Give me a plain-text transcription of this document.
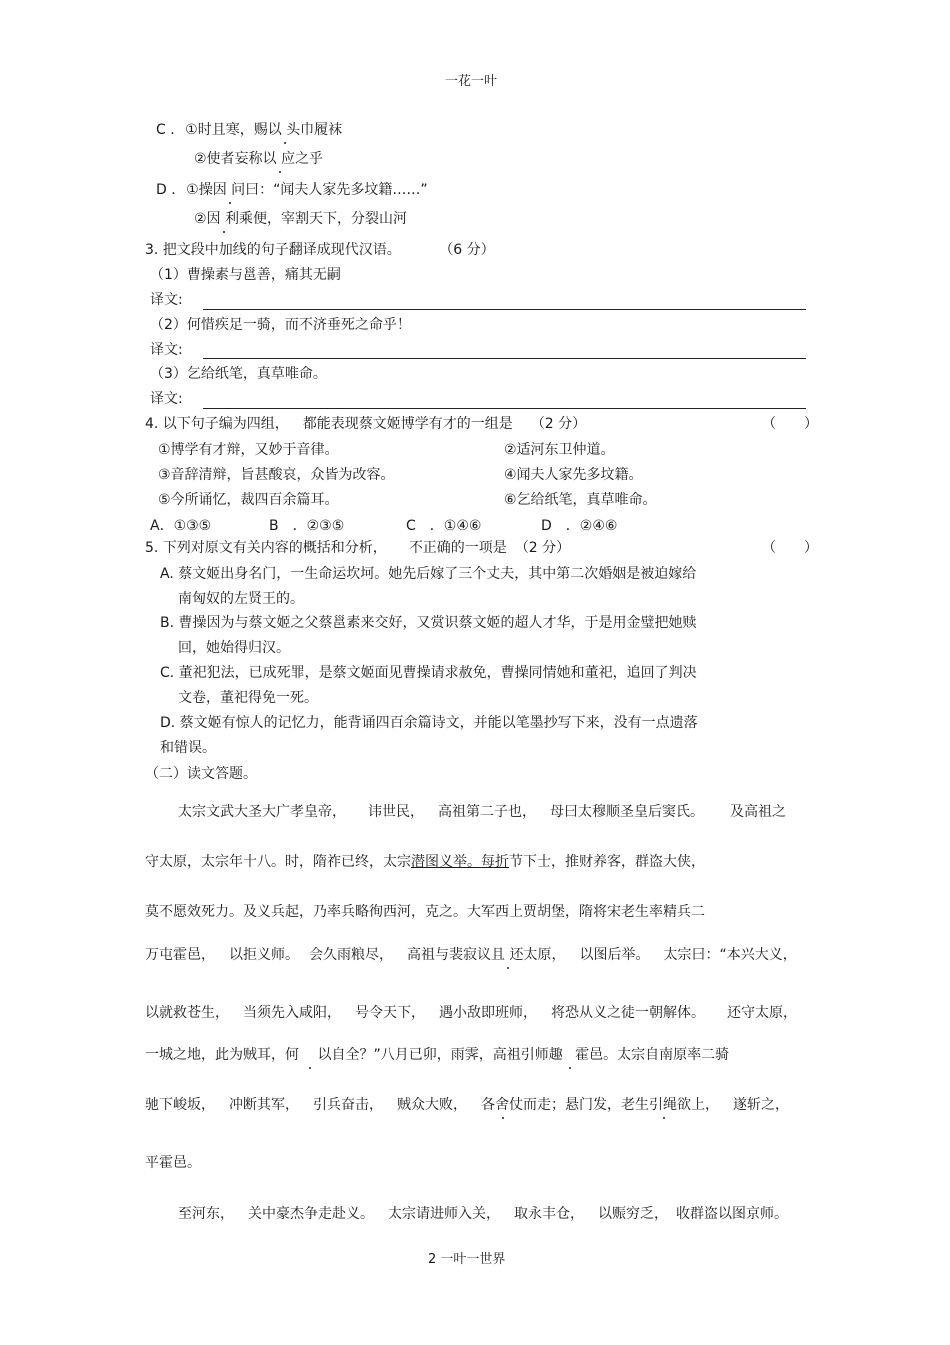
一花一叶
C . ①时且寒，赐以 头巾履袜
②使者妄称以 应之乎
D . ①操因 问曰：“闻夫人家先多坟籍……”
②因 利乘便，宰割天下，分裂山河
3. 把文段中加线的句子翻译成现代汉语。	（6 分）
（1）曹操素与邕善，痛其无嗣
译文:
（2）何惜疾足一骑，而不济垂死之命乎！
译文:
（3）乞给纸笔，真草唯命。
译文:
4. 以下句子编为四组， 都能表现蔡文姬博学有才的一组是 （2 分）	（　　）
①博学有才辩，又妙于音律。	②适河东卫仲道。
③音辞清辩，旨甚酸哀，众皆为改容。	④闻夫人家先多坟籍。
⑤今所诵忆，裁四百余篇耳。	⑥乞给纸笔，真草唯命。
A．①③⑤	B　．②③⑤	C　．①④⑥	D　．②④⑥
5. 下列对原文有关内容的概括和分析， 不正确的一项是 （2 分）	（　　）
A. 蔡文姬出身名门，一生命运坎坷。她先后嫁了三个丈夫，其中第二次婚姻是被迫嫁给
南匈奴的左贤王的。
B. 曹操因为与蔡文姬之父蔡邕素来交好，又赏识蔡文姬的超人才华，于是用金璧把她赎
回，她始得归汉。
C. 董祀犯法，已成死罪，是蔡文姬面见曹操请求赦免，曹操同情她和董祀，追回了判决
文卷，董祀得免一死。
D. 蔡文姬有惊人的记忆力，能背诵四百余篇诗文，并能以笔墨抄写下来，没有一点遗落
和错误。
（二）读文答题。
太宗文武大圣大广孝皇帝， 讳世民， 高祖第二子也， 母曰太穆顺圣皇后窦氏。 及高祖之
守太原，太宗年十八。时，隋祚已终，太宗潜图义举。每折节下士，推财养客，群盗大侠，
莫不愿效死力。及义兵起，乃率兵略徇西河，克之。大军西上贾胡堡，隋将宋老生率精兵二
万屯霍邑， 以拒义师。 会久雨粮尽， 高祖与裴寂议且 还太原， 以图后举。 太宗曰：“本兴大义，
以就救苍生， 当须先入咸阳， 号令天下， 遇小敌即班师， 将恐从义之徒一朝解体。 还守太原，
一城之地，此为贼耳，何 以自全？”八月已卯，雨霁，高祖引师趣 霍邑。太宗自南原率二骑
驰下峻坂， 冲断其军， 引兵奋击， 贼众大败， 各舍仗而走；悬门发，老生引绳欲上， 遂斩之，
平霍邑。
至河东， 关中豪杰争走赴义。 太宗请进师入关， 取永丰仓， 以赈穷乏， 收群盗以图京师。
2 一叶一世界
